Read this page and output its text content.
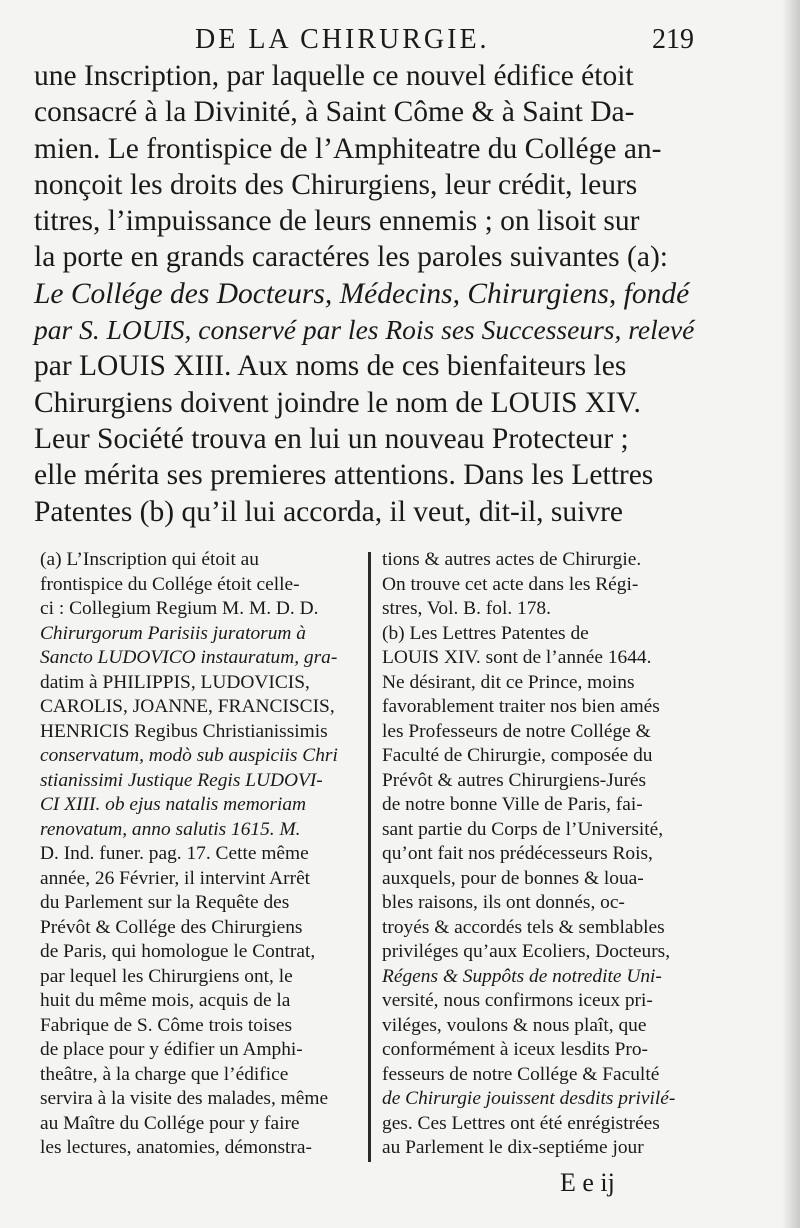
DE LA CHIRURGIE.	219
une Inscription, par laquelle ce nouvel édifice étoit
consacré à la Divinité, à Saint Côme & à Saint Da-
mien. Le frontispice de l’Amphiteatre du Collége an-
nonçoit les droits des Chirurgiens, leur crédit, leurs
titres, l’impuissance de leurs ennemis ; on lisoit sur
la porte en grands caractéres les paroles suivantes (a):
Le Collége des Docteurs, Médecins, Chirurgiens, fondé
par S. LOUIS, conservé par les Rois ses Successeurs, relevé
par LOUIS XIII. Aux noms de ces bienfaiteurs les
Chirurgiens doivent joindre le nom de LOUIS XIV.
Leur Société trouva en lui un nouveau Protecteur ;
elle mérita ses premieres attentions. Dans les Lettres
Patentes (b) qu’il lui accorda, il veut, dit-il, suivre
(a) L’Inscription qui étoit au
frontispice du Collége étoit celle-
ci : Collegium Regium M. M. D. D.
Chirurgorum Parisiis juratorum à
Sancto LUDOVICO instauratum, gra-
datim à PHILIPPIS, LUDOVICIS,
CAROLIS, JOANNE, FRANCISCIS,
HENRICIS Regibus Christianissimis
conservatum, modò sub auspiciis Chri
stianissimi Justique Regis LUDOVI-
CI XIII. ob ejus natalis memoriam
renovatum, anno salutis 1615. M.
D. Ind. funer. pag. 17. Cette même
année, 26 Février, il intervint Arrêt
du Parlement sur la Requête des
Prévôt & Collége des Chirurgiens
de Paris, qui homologue le Contrat,
par lequel les Chirurgiens ont, le
huit du même mois, acquis de la
Fabrique de S. Côme trois toises
de place pour y édifier un Amphi-
theâtre, à la charge que l’édifice
servira à la visite des malades, même
au Maître du Collége pour y faire
les lectures, anatomies, démonstra-
tions & autres actes de Chirurgie.
On trouve cet acte dans les Régi-
stres, Vol. B. fol. 178.
(b) Les Lettres Patentes de
LOUIS XIV. sont de l’année 1644.
Ne désirant, dit ce Prince, moins
favorablement traiter nos bien amés
les Professeurs de notre Collége &
Faculté de Chirurgie, composée du
Prévôt & autres Chirurgiens-Jurés
de notre bonne Ville de Paris, fai-
sant partie du Corps de l’Université,
qu’ont fait nos prédécesseurs Rois,
auxquels, pour de bonnes & loua-
bles raisons, ils ont donnés, oc-
troyés & accordés tels & semblables
priviléges qu’aux Ecoliers, Docteurs,
Régens & Suppôts de notredite Uni-
versité, nous confirmons iceux pri-
viléges, voulons & nous plaît, que
conformément à iceux lesdits Pro-
fesseurs de notre Collége & Faculté
de Chirurgie jouissent desdits privilé-
ges. Ces Lettres ont été enrégistrées
au Parlement le dix-septiéme jour
E e ij
